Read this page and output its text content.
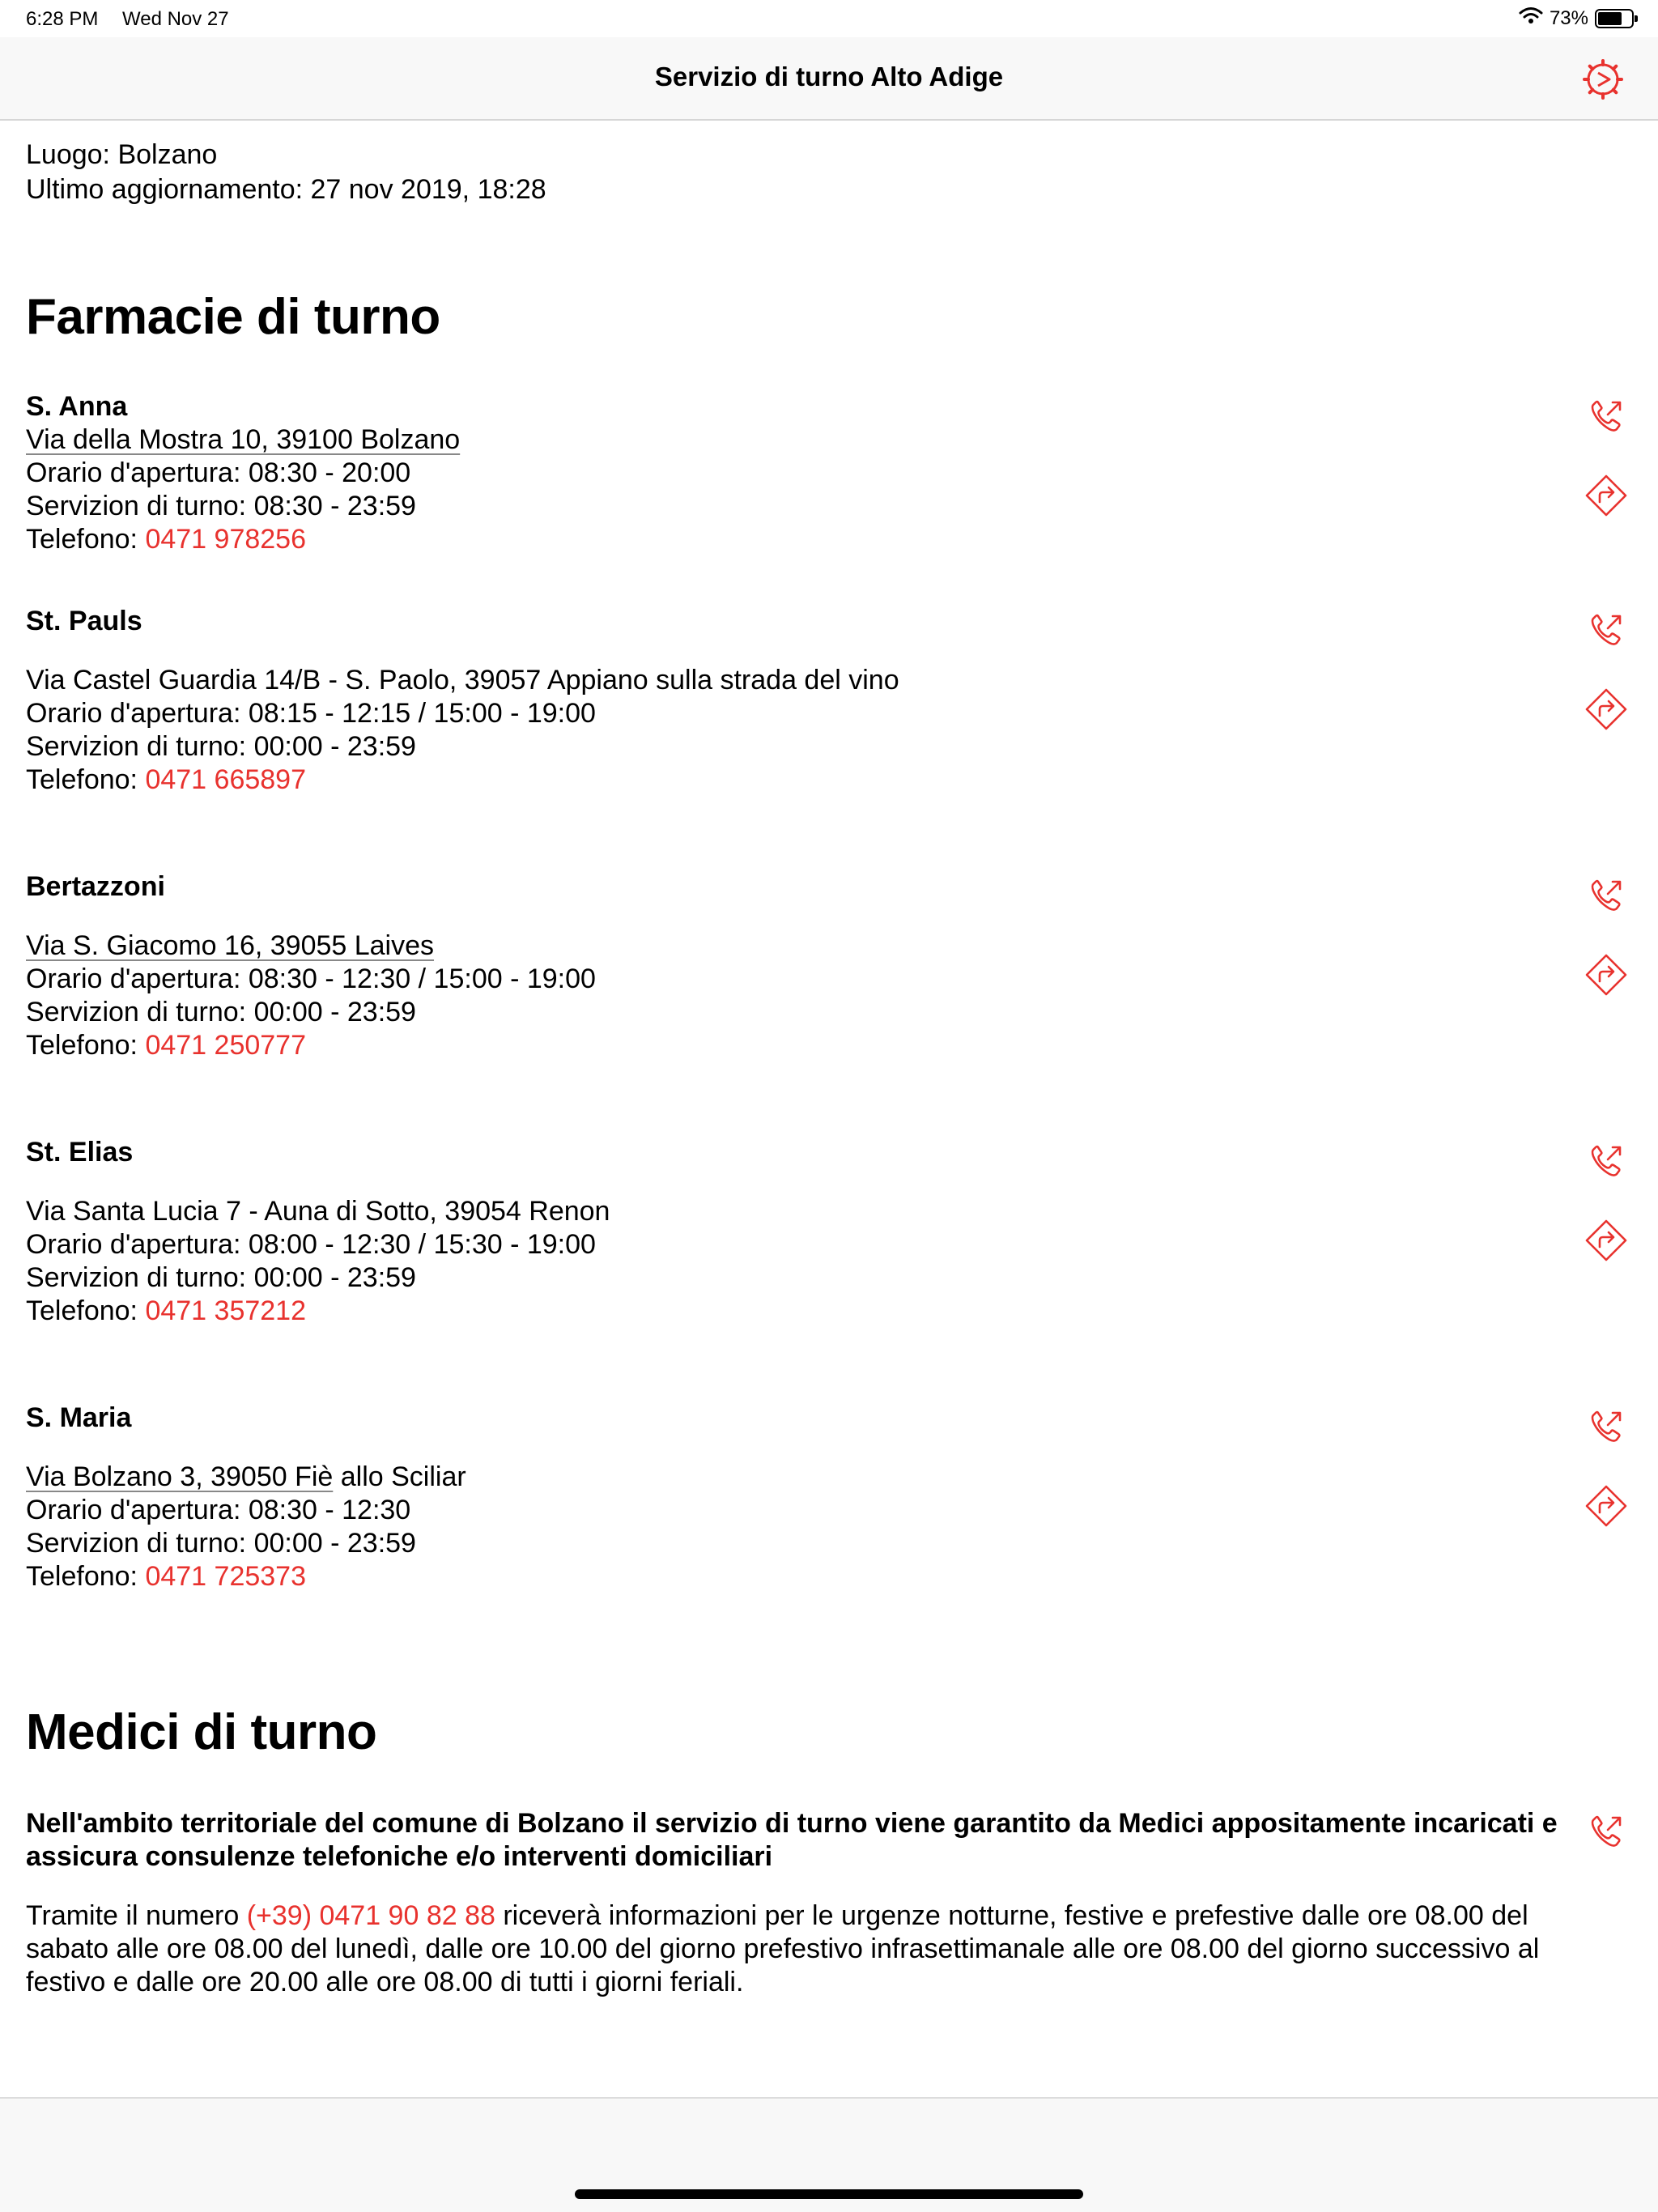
6:28 PM Wed Nov 27	73%
Servizio di turno Alto Adige
Luogo: Bolzano
Ultimo aggiornamento: 27 nov 2019, 18:28
Farmacie di turno
S. Anna
Via della Mostra 10, 39100 Bolzano
Orario d'apertura: 08:30 - 20:00
Servizion di turno: 08:30 - 23:59
Telefono: 0471 978256
St. Pauls
Via Castel Guardia 14/B - S. Paolo, 39057 Appiano sulla strada del vino
Orario d'apertura: 08:15 - 12:15 / 15:00 - 19:00
Servizion di turno: 00:00 - 23:59
Telefono: 0471 665897
Bertazzoni
Via S. Giacomo 16, 39055 Laives
Orario d'apertura: 08:30 - 12:30 / 15:00 - 19:00
Servizion di turno: 00:00 - 23:59
Telefono: 0471 250777
St. Elias
Via Santa Lucia 7 - Auna di Sotto, 39054 Renon
Orario d'apertura: 08:00 - 12:30 / 15:30 - 19:00
Servizion di turno: 00:00 - 23:59
Telefono: 0471 357212
S. Maria
Via Bolzano 3, 39050 Fiè allo Sciliar
Orario d'apertura: 08:30 - 12:30
Servizion di turno: 00:00 - 23:59
Telefono: 0471 725373
Medici di turno
Nell'ambito territoriale del comune di Bolzano il servizio di turno viene garantito da Medici appositamente incaricati e assicura consulenze telefoniche e/o interventi domiciliari
Tramite il numero (+39) 0471 90 82 88 riceverà informazioni per le urgenze notturne, festive e prefestive dalle ore 08.00 del sabato alle ore 08.00 del lunedì, dalle ore 10.00 del giorno prefestivo infrasettimanale alle ore 08.00 del giorno successivo al festivo e dalle ore 20.00 alle ore 08.00 di tutti i giorni feriali.
